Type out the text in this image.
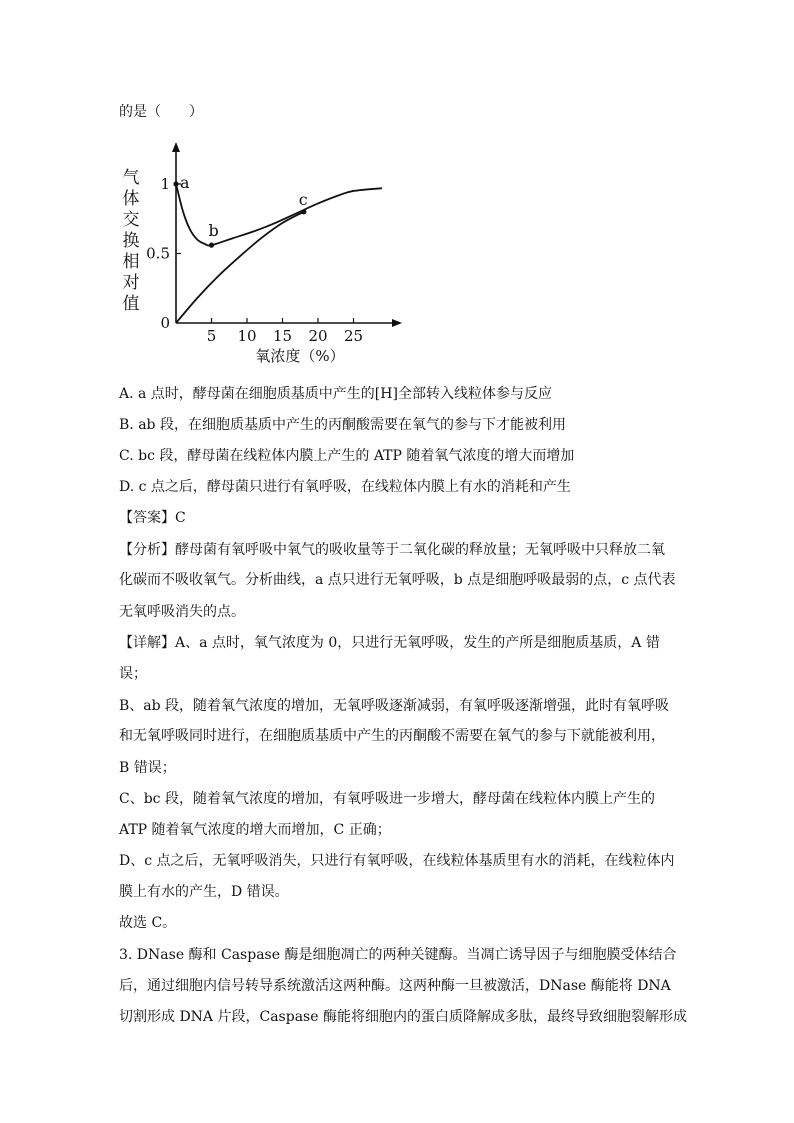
的是（　　）
气
体
交
换
相
对
值
5 10 15 20 25
0
0.5
1 a
b
c
氧浓度（%）
A. a 点时，酵母菌在细胞质基质中产生的[H]全部转入线粒体参与反应
B. ab 段，在细胞质基质中产生的丙酮酸需要在氧气的参与下才能被利用
C. bc 段，酵母菌在线粒体内膜上产生的 ATP 随着氧气浓度的增大而增加
D. c 点之后，酵母菌只进行有氧呼吸，在线粒体内膜上有水的消耗和产生
【答案】C
【分析】酵母菌有氧呼吸中氧气的吸收量等于二氧化碳的释放量；无氧呼吸中只释放二氧
化碳而不吸收氧气。分析曲线，a 点只进行无氧呼吸，b 点是细胞呼吸最弱的点，c 点代表
无氧呼吸消失的点。
【详解】A、a 点时，氧气浓度为 0，只进行无氧呼吸，发生的产所是细胞质基质，A 错
误；
B、ab 段，随着氧气浓度的增加，无氧呼吸逐渐减弱，有氧呼吸逐渐增强，此时有氧呼吸
和无氧呼吸同时进行，在细胞质基质中产生的丙酮酸不需要在氧气的参与下就能被利用，
B 错误；
C、bc 段，随着氧气浓度的增加，有氧呼吸进一步增大，酵母菌在线粒体内膜上产生的
ATP 随着氧气浓度的增大而增加，C 正确；
D、c 点之后，无氧呼吸消失，只进行有氧呼吸，在线粒体基质里有水的消耗，在线粒体内
膜上有水的产生，D 错误。
故选 C。
3. DNase 酶和 Caspase 酶是细胞凋亡的两种关键酶。当凋亡诱导因子与细胞膜受体结合
后，通过细胞内信号转导系统激活这两种酶。这两种酶一旦被激活，DNase 酶能将 DNA
切割形成 DNA 片段，Caspase 酶能将细胞内的蛋白质降解成多肽，最终导致细胞裂解形成
